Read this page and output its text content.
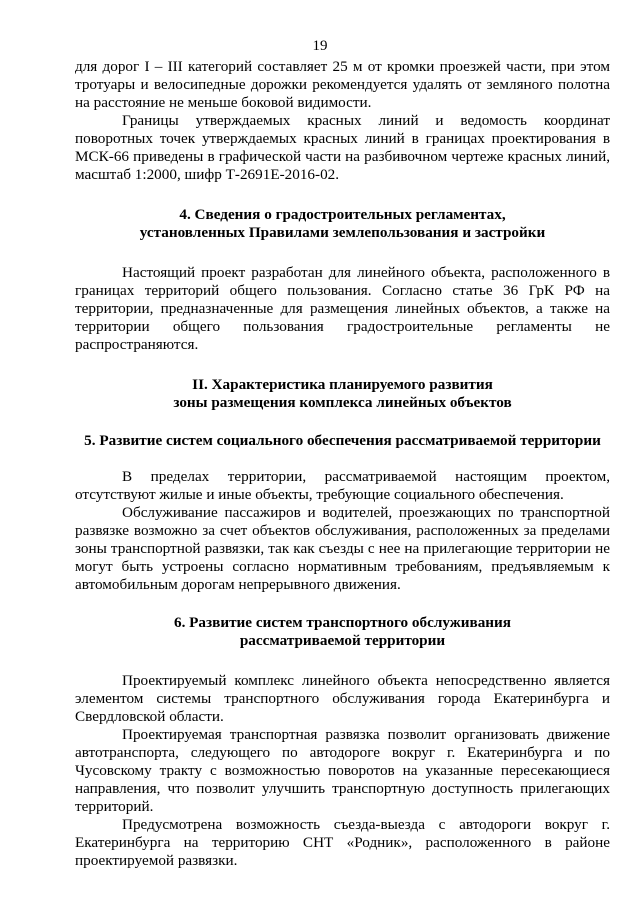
19

для дорог I – III категорий составляет 25 м от кромки проезжей части, при этом тротуары и велосипедные дорожки рекомендуется удалять от земляного полотна на расстояние не меньше боковой видимости.

Границы утверждаемых красных линий и ведомость координат поворотных точек утверждаемых красных линий в границах проектирования в МСК-66 приведены в графической части на разбивочном чертеже красных линий, масштаб 1:2000, шифр Т-2691Е-2016-02.

4. Сведения о градостроительных регламентах,
установленных Правилами землепользования и застройки

Настоящий проект разработан для линейного объекта, расположенного в границах территорий общего пользования. Согласно статье 36 ГрК РФ на территории, предназначенные для размещения линейных объектов, а также на территории общего пользования градостроительные регламенты не распространяются.

II. Характеристика планируемого развития
зоны размещения комплекса линейных объектов
5. Развитие систем социального обеспечения рассматриваемой территории

В пределах территории, рассматриваемой настоящим проектом, отсутствуют жилые и иные объекты, требующие социального обеспечения.

Обслуживание пассажиров и водителей, проезжающих по транспортной развязке возможно за счет объектов обслуживания, расположенных за пределами зоны транспортной развязки, так как съезды с нее на прилегающие территории не могут быть устроены согласно нормативным требованиям, предъявляемым к автомобильным дорогам непрерывного движения.

6. Развитие систем транспортного обслуживания
рассматриваемой территории

Проектируемый комплекс линейного объекта непосредственно является элементом системы транспортного обслуживания города Екатеринбурга и Свердловской области.

Проектируемая транспортная развязка позволит организовать движение автотранспорта, следующего по автодороге вокруг г. Екатеринбурга и по Чусовскому тракту с возможностью поворотов на указанные пересекающиеся направления, что позволит улучшить транспортную доступность прилегающих территорий.

Предусмотрена возможность съезда-выезда с автодороги вокруг г. Екатеринбурга на территорию СНТ «Родник», расположенного в районе проектируемой развязки.
